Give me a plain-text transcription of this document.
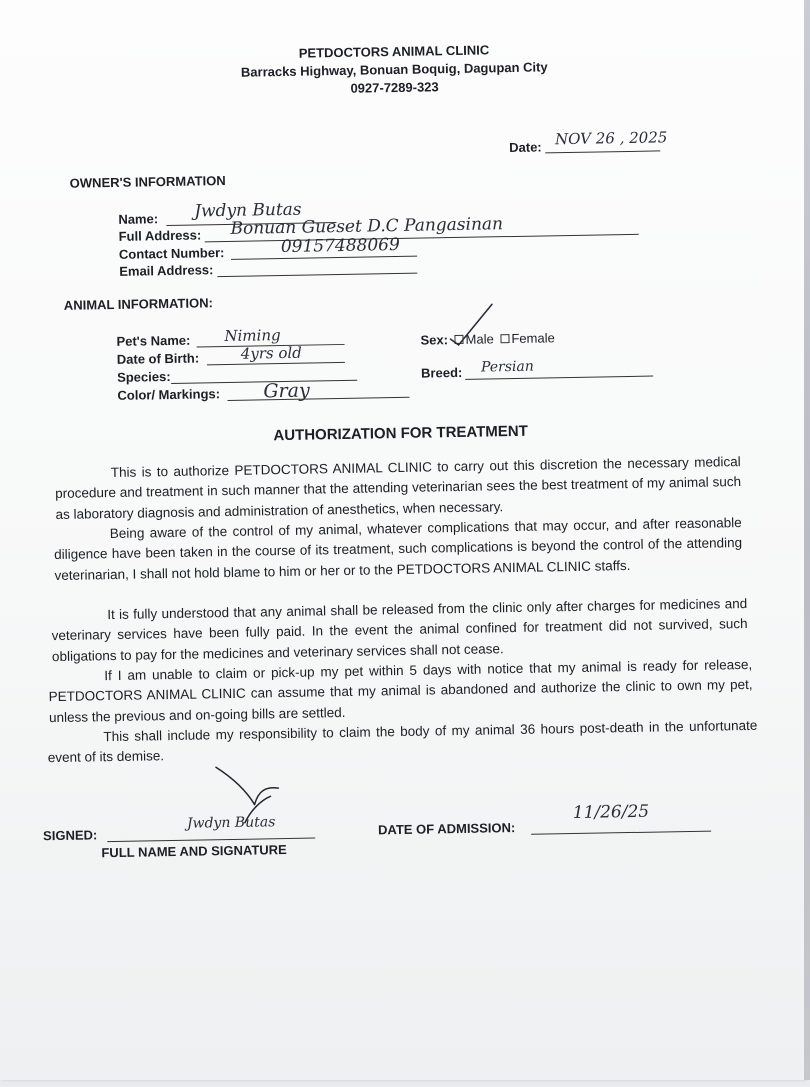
PETDOCTORS ANIMAL CLINIC
Barracks Highway, Bonuan Boquig, Dagupan City
0927-7289-323
Date: NOV 26 , 2025
OWNER'S INFORMATION
Name: Jwdyn Butas
Full Address: Bonuan Gueset D.C Pangasinan
Contact Number:	09157488069
Email Address:
ANIMAL INFORMATION:
Pet's Name: Niming
Date of Birth:	4yrs old
Species:
Color/ Markings: Gray
Sex: Male Female
Breed: Persian
AUTHORIZATION FOR TREATMENT
This is to authorize PETDOCTORS ANIMAL CLINIC to carry out this discretion the necessary medical procedure and treatment in such manner that the attending veterinarian sees the best treatment of my animal such as laboratory diagnosis and administration of anesthetics, when necessary.
Being aware of the control of my animal, whatever complications that may occur, and after reasonable diligence have been taken in the course of its treatment, such complications is beyond the control of the attending veterinarian, I shall not hold blame to him or her or to the PETDOCTORS ANIMAL CLINIC staffs.
It is fully understood that any animal shall be released from the clinic only after charges for medicines and veterinary services have been fully paid. In the event the animal confined for treatment did not survived, such obligations to pay for the medicines and veterinary services shall not cease.
If I am unable to claim or pick-up my pet within 5 days with notice that my animal is ready for release, PETDOCTORS ANIMAL CLINIC can assume that my animal is abandoned and authorize the clinic to own my pet, unless the previous and on-going bills are settled.
This shall include my responsibility to claim the body of my animal 36 hours post-death in the unfortunate event of its demise.
SIGNED:
Jwdyn Butas
FULL NAME AND SIGNATURE
DATE OF ADMISSION:
11/26/25
